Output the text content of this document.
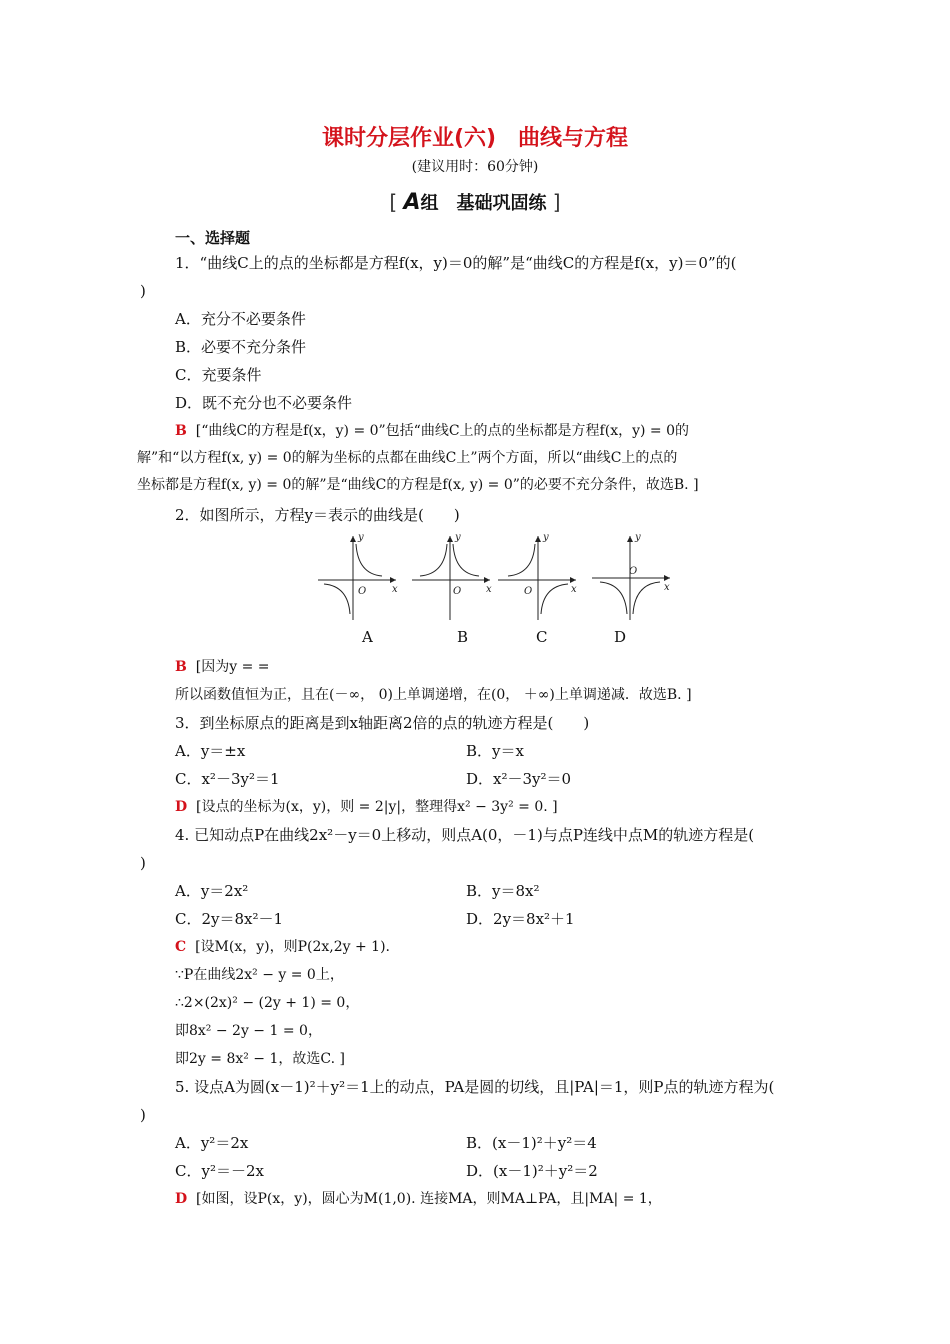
课时分层作业(六)　曲线与方程
(建议用时：60分钟)
[ A组　基础巩固练 ]
一、选择题
1．“曲线C上的点的坐标都是方程f(x，y)＝0的解”是“曲线C的方程是f(x，y)＝0”的(
)
A．充分不必要条件
B．必要不充分条件
C．充要条件
D．既不充分也不必要条件
B [“曲线C的方程是f(x，y) = 0”包括“曲线C上的点的坐标都是方程f(x，y) = 0的
解”和“以方程f(x, y) = 0的解为坐标的点都在曲线C上”两个方面，所以“曲线C上的点的
坐标都是方程f(x, y) = 0的解”是“曲线C的方程是f(x, y) = 0”的必要不充分条件，故选B. ]
2．如图所示，方程y＝表示的曲线是(　　)
y
x
O
y
x
O
y
x
O
y
x
O
A	B	C	D
B [因为y = =
所以函数值恒为正，且在(－∞， 0)上单调递增，在(0， ＋∞)上单调递减．故选B. ]
3．到坐标原点的距离是到x轴距离2倍的点的轨迹方程是(　　)
A．y＝±x	B．y＝x
C．x²－3y²＝1	D．x²－3y²＝0
D [设点的坐标为(x，y)，则 = 2|y|，整理得x² − 3y² = 0. ]
4. 已知动点P在曲线2x²－y＝0上移动，则点A(0，－1)与点P连线中点M的轨迹方程是(
)
A．y＝2x²	B．y＝8x²
C．2y＝8x²－1	D．2y＝8x²＋1
C [设M(x，y)，则P(2x,2y + 1).
∵P在曲线2x² − y = 0上，
∴2×(2x)² − (2y + 1) = 0，
即8x² − 2y − 1 = 0，
即2y = 8x² − 1，故选C. ]
5. 设点A为圆(x－1)²＋y²＝1上的动点，PA是圆的切线，且|PA|＝1，则P点的轨迹方程为(
)
A．y²＝2x	B．(x－1)²＋y²＝4
C．y²＝－2x	D．(x－1)²＋y²＝2
D [如图，设P(x，y)，圆心为M(1,0). 连接MA，则MA⊥PA，且|MA| = 1，
